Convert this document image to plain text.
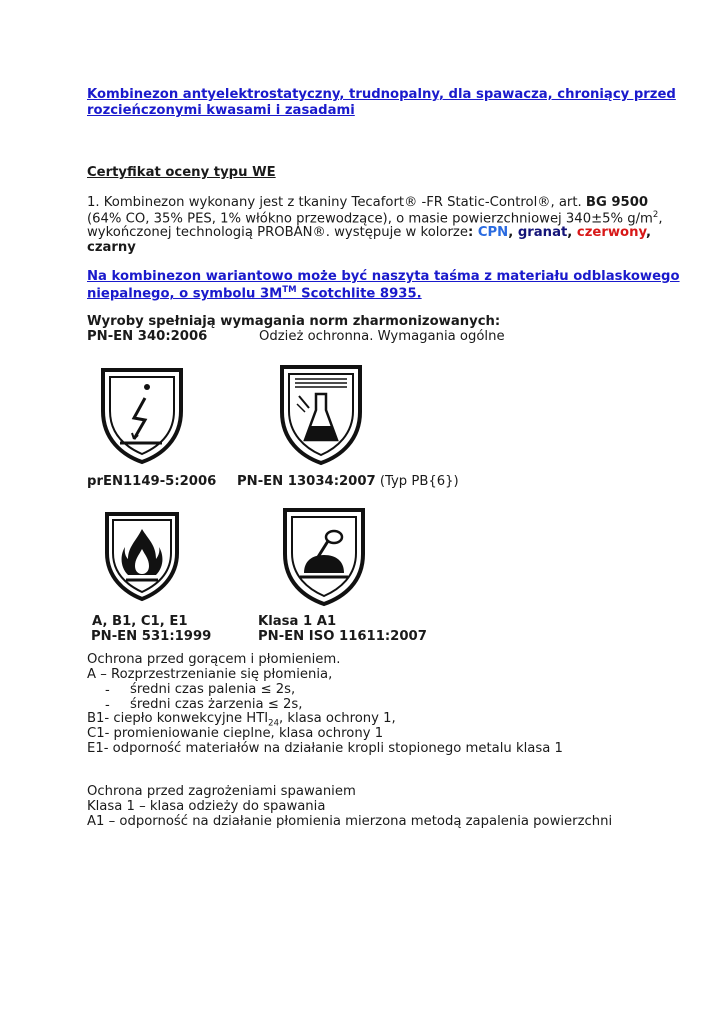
Kombinezon antyelektrostatyczny, trudnopalny, dla spawacza, chroniący przed
rozcieńczonymi kwasami i zasadami
Certyfikat oceny typu WE
1. Kombinezon wykonany jest z tkaniny Tecafort® -FR Static-Control®, art. BG 9500
(64% CO, 35% PES, 1% włókno przewodzące), o masie powierzchniowej 340±5% $g/m^2$,
wykończonej technologią PROBAN®. występuje w kolorze: CPN, granat, czerwony,
czarny
Na kombinezon wariantowo może być naszyta taśma z materiału odblaskowego
niepalnego, o symbolu 3M™ Scotchlite 8935.
Wyroby spełniają wymagania norm zharmonizowanych:
PN-EN 340:2006	Odzież ochronna. Wymagania ogólne
prEN1149-5:2006 PN-EN 13034:2007 (Typ PB{6})
A, B1, C1, E1
PN-EN 531:1999
Klasa 1 A1
PN-EN ISO 11611:2007
Ochrona przed gorącem i płomieniem.
A – Rozprzestrzenianie się płomienia,
- średni czas palenia ≤ 2s,
- średni czas żarzenia ≤ 2s,
B1- ciepło konwekcyjne $HTI_{24}$, klasa ochrony 1,
C1- promieniowanie cieplne, klasa ochrony 1
E1- odporność materiałów na działanie kropli stopionego metalu klasa 1
Ochrona przed zagrożeniami spawaniem
Klasa 1 – klasa odzieży do spawania
A1 – odporność na działanie płomienia mierzona metodą zapalenia powierzchni
